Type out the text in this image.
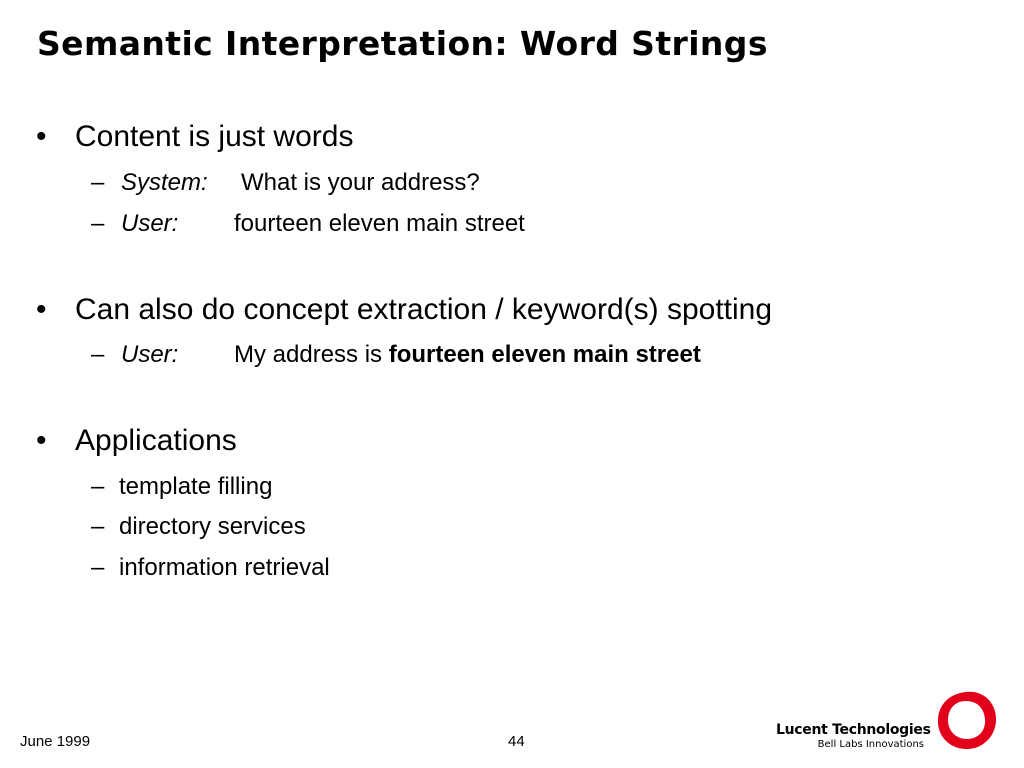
Semantic Interpretation: Word Strings
• Content is just words
– System: What is your address?
– User: fourteen eleven main street
• Can also do concept extraction / keyword(s) spotting
– User: My address is fourteen eleven main street
• Applications
– template filling
– directory services
– information retrieval
June 1999	44
Lucent Technologies
Bell Labs Innovations
